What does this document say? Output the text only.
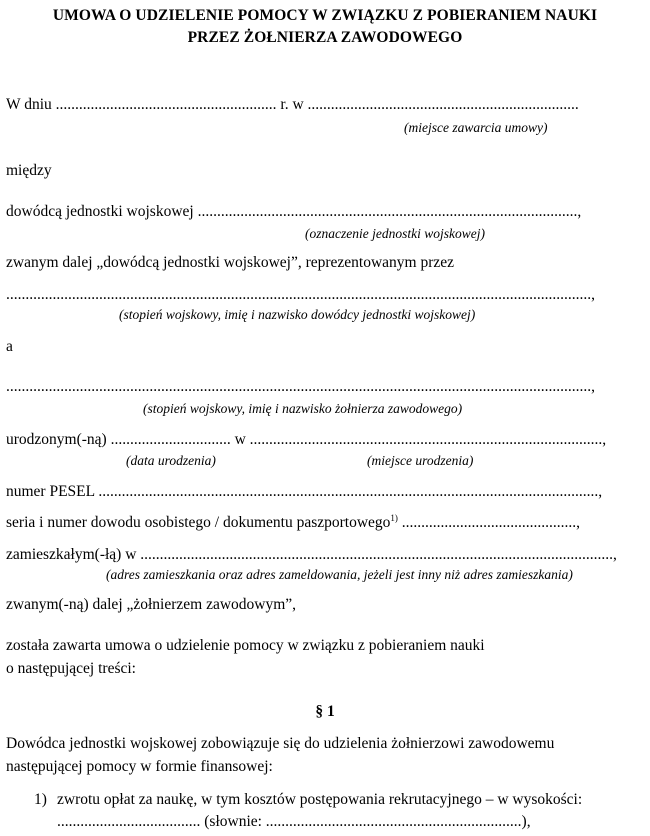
UMOWA O UDZIELENIE POMOCY W ZWIĄZKU Z POBIERANIEM NAUKI
PRZEZ ŻOŁNIERZA ZAWODOWEGO
W dniu ......................................................... r. w ......................................................................
(miejsce zawarcia umowy)
między
dowódcą jednostki wojskowej ..................................................................................................,
(oznaczenie jednostki wojskowej)
zwanym dalej „dowódcą jednostki wojskowej”, reprezentowanym przez
.......................................................................................................................................................,
(stopień wojskowy, imię i nazwisko dowódcy jednostki wojskowej)
a
.......................................................................................................................................................,
(stopień wojskowy, imię i nazwisko żołnierza zawodowego)
urodzonym(-ną) ............................... w ...........................................................................................,
(data urodzenia)	(miejsce urodzenia)
numer PESEL .................................................................................................................................,
seria i numer dowodu osobistego / dokumentu paszportowego$^{1)}$ .............................................,
zamieszkałym(-łą) w ..........................................................................................................................,
(adres zamieszkania oraz adres zameldowania, jeżeli jest inny niż adres zamieszkania)
zwanym(-ną) dalej „żołnierzem zawodowym”,
została zawarta umowa o udzielenie pomocy w związku z pobieraniem nauki
o następującej treści:
§ 1
Dowódca jednostki wojskowej zobowiązuje się do udzielenia żołnierzowi zawodowemu
następującej pomocy w formie finansowej:
1) zwrotu opłat za naukę, w tym kosztów postępowania rekrutacyjnego – w wysokości:
..................................... (słownie: ..................................................................),
